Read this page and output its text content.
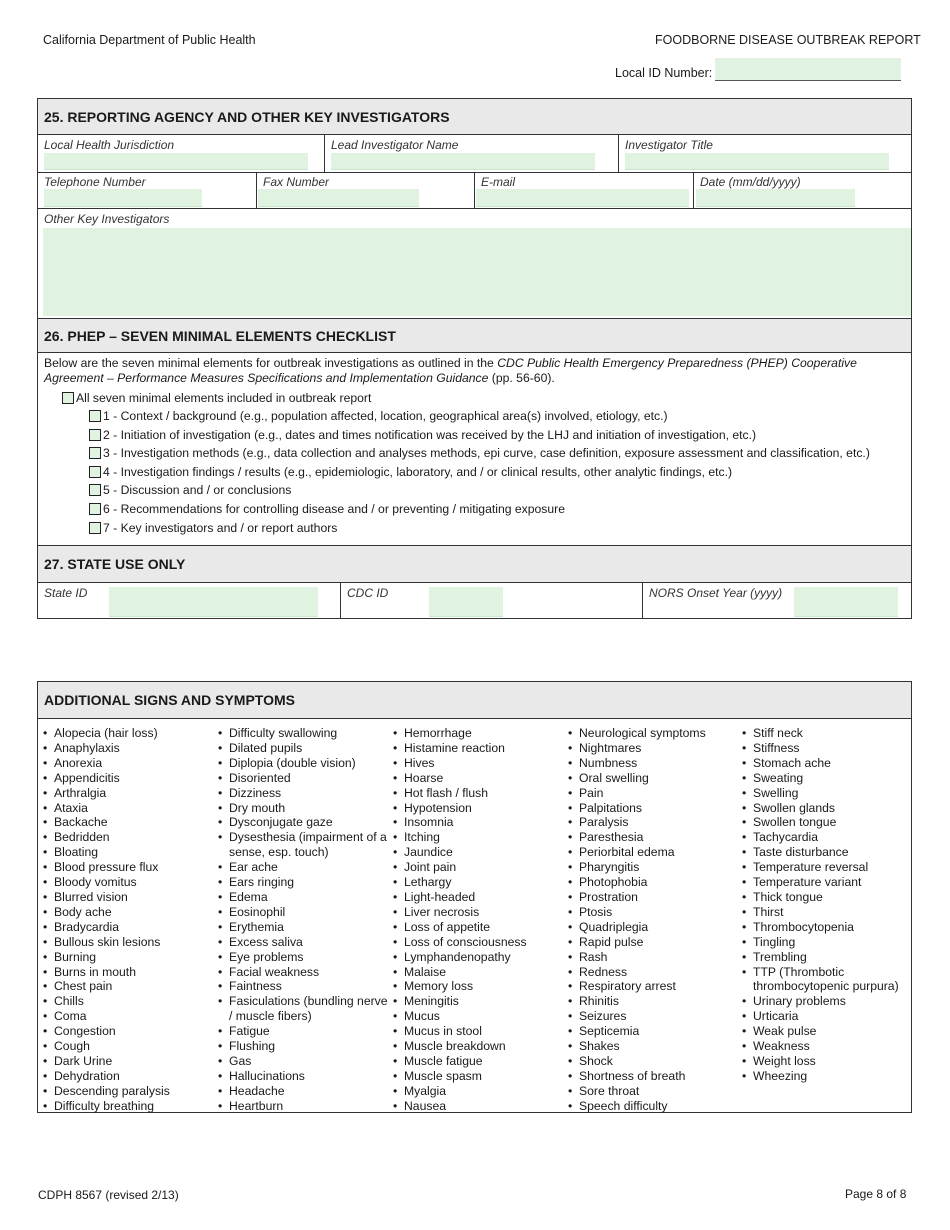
California Department of Public Health	FOODBORNE DISEASE OUTBREAK REPORT
Local ID Number:
25. REPORTING AGENCY AND OTHER KEY INVESTIGATORS
Local Health Jurisdiction	Lead Investigator Name	Investigator Title
Telephone Number	Fax Number	E-mail	Date (mm/dd/yyyy)
Other Key Investigators
26. PHEP – SEVEN MINIMAL ELEMENTS CHECKLIST
Below are the seven minimal elements for outbreak investigations as outlined in the CDC Public Health Emergency Preparedness (PHEP) Cooperative
Agreement – Performance Measures Specifications and Implementation Guidance (pp. 56-60).
All seven minimal elements included in outbreak report
1 - Context / background (e.g., population affected, location, geographical area(s) involved, etiology, etc.)
2 - Initiation of investigation (e.g., dates and times notification was received by the LHJ and initiation of investigation, etc.)
3 - Investigation methods (e.g., data collection and analyses methods, epi curve, case definition, exposure assessment and classification, etc.)
4 - Investigation findings / results (e.g., epidemiologic, laboratory, and / or clinical results, other analytic findings, etc.)
5 - Discussion and / or conclusions
6 - Recommendations for controlling disease and / or preventing / mitigating exposure
7 - Key investigators and / or report authors
27. STATE USE ONLY
State ID	CDC ID	NORS Onset Year (yyyy)
ADDITIONAL SIGNS AND SYMPTOMS
• Alopecia (hair loss)
• Anaphylaxis
• Anorexia
• Appendicitis
• Arthralgia
• Ataxia
• Backache
• Bedridden
• Bloating
• Blood pressure flux
• Bloody vomitus
• Blurred vision
• Body ache
• Bradycardia
• Bullous skin lesions
• Burning
• Burns in mouth
• Chest pain
• Chills
• Coma
• Congestion
• Cough
• Dark Urine
• Dehydration
• Descending paralysis
• Difficulty breathing
• Difficulty swallowing
• Dilated pupils
• Diplopia (double vision)
• Disoriented
• Dizziness
• Dry mouth
• Dysconjugate gaze
• Dysesthesia (impairment of a sense, esp. touch)
• Ear ache
• Ears ringing
• Edema
• Eosinophil
• Erythemia
• Excess saliva
• Eye problems
• Facial weakness
• Faintness
• Fasiculations (bundling nerve / muscle fibers)
• Fatigue
• Flushing
• Gas
• Hallucinations
• Headache
• Heartburn
• Hemorrhage
• Histamine reaction
• Hives
• Hoarse
• Hot flash / flush
• Hypotension
• Insomnia
• Itching
• Jaundice
• Joint pain
• Lethargy
• Light-headed
• Liver necrosis
• Loss of appetite
• Loss of consciousness
• Lymphandenopathy
• Malaise
• Memory loss
• Meningitis
• Mucus
• Mucus in stool
• Muscle breakdown
• Muscle fatigue
• Muscle spasm
• Myalgia
• Nausea
• Neurological symptoms
• Nightmares
• Numbness
• Oral swelling
• Pain
• Palpitations
• Paralysis
• Paresthesia
• Periorbital edema
• Pharyngitis
• Photophobia
• Prostration
• Ptosis
• Quadriplegia
• Rapid pulse
• Rash
• Redness
• Respiratory arrest
• Rhinitis
• Seizures
• Septicemia
• Shakes
• Shock
• Shortness of breath
• Sore throat
• Speech difficulty
• Stiff neck
• Stiffness
• Stomach ache
• Sweating
• Swelling
• Swollen glands
• Swollen tongue
• Tachycardia
• Taste disturbance
• Temperature reversal
• Temperature variant
• Thick tongue
• Thirst
• Thrombocytopenia
• Tingling
• Trembling
• TTP (Thrombotic thrombocytopenic purpura)
• Urinary problems
• Urticaria
• Weak pulse
• Weakness
• Weight loss
• Wheezing
CDPH 8567 (revised 2/13)	Page 8 of 8
